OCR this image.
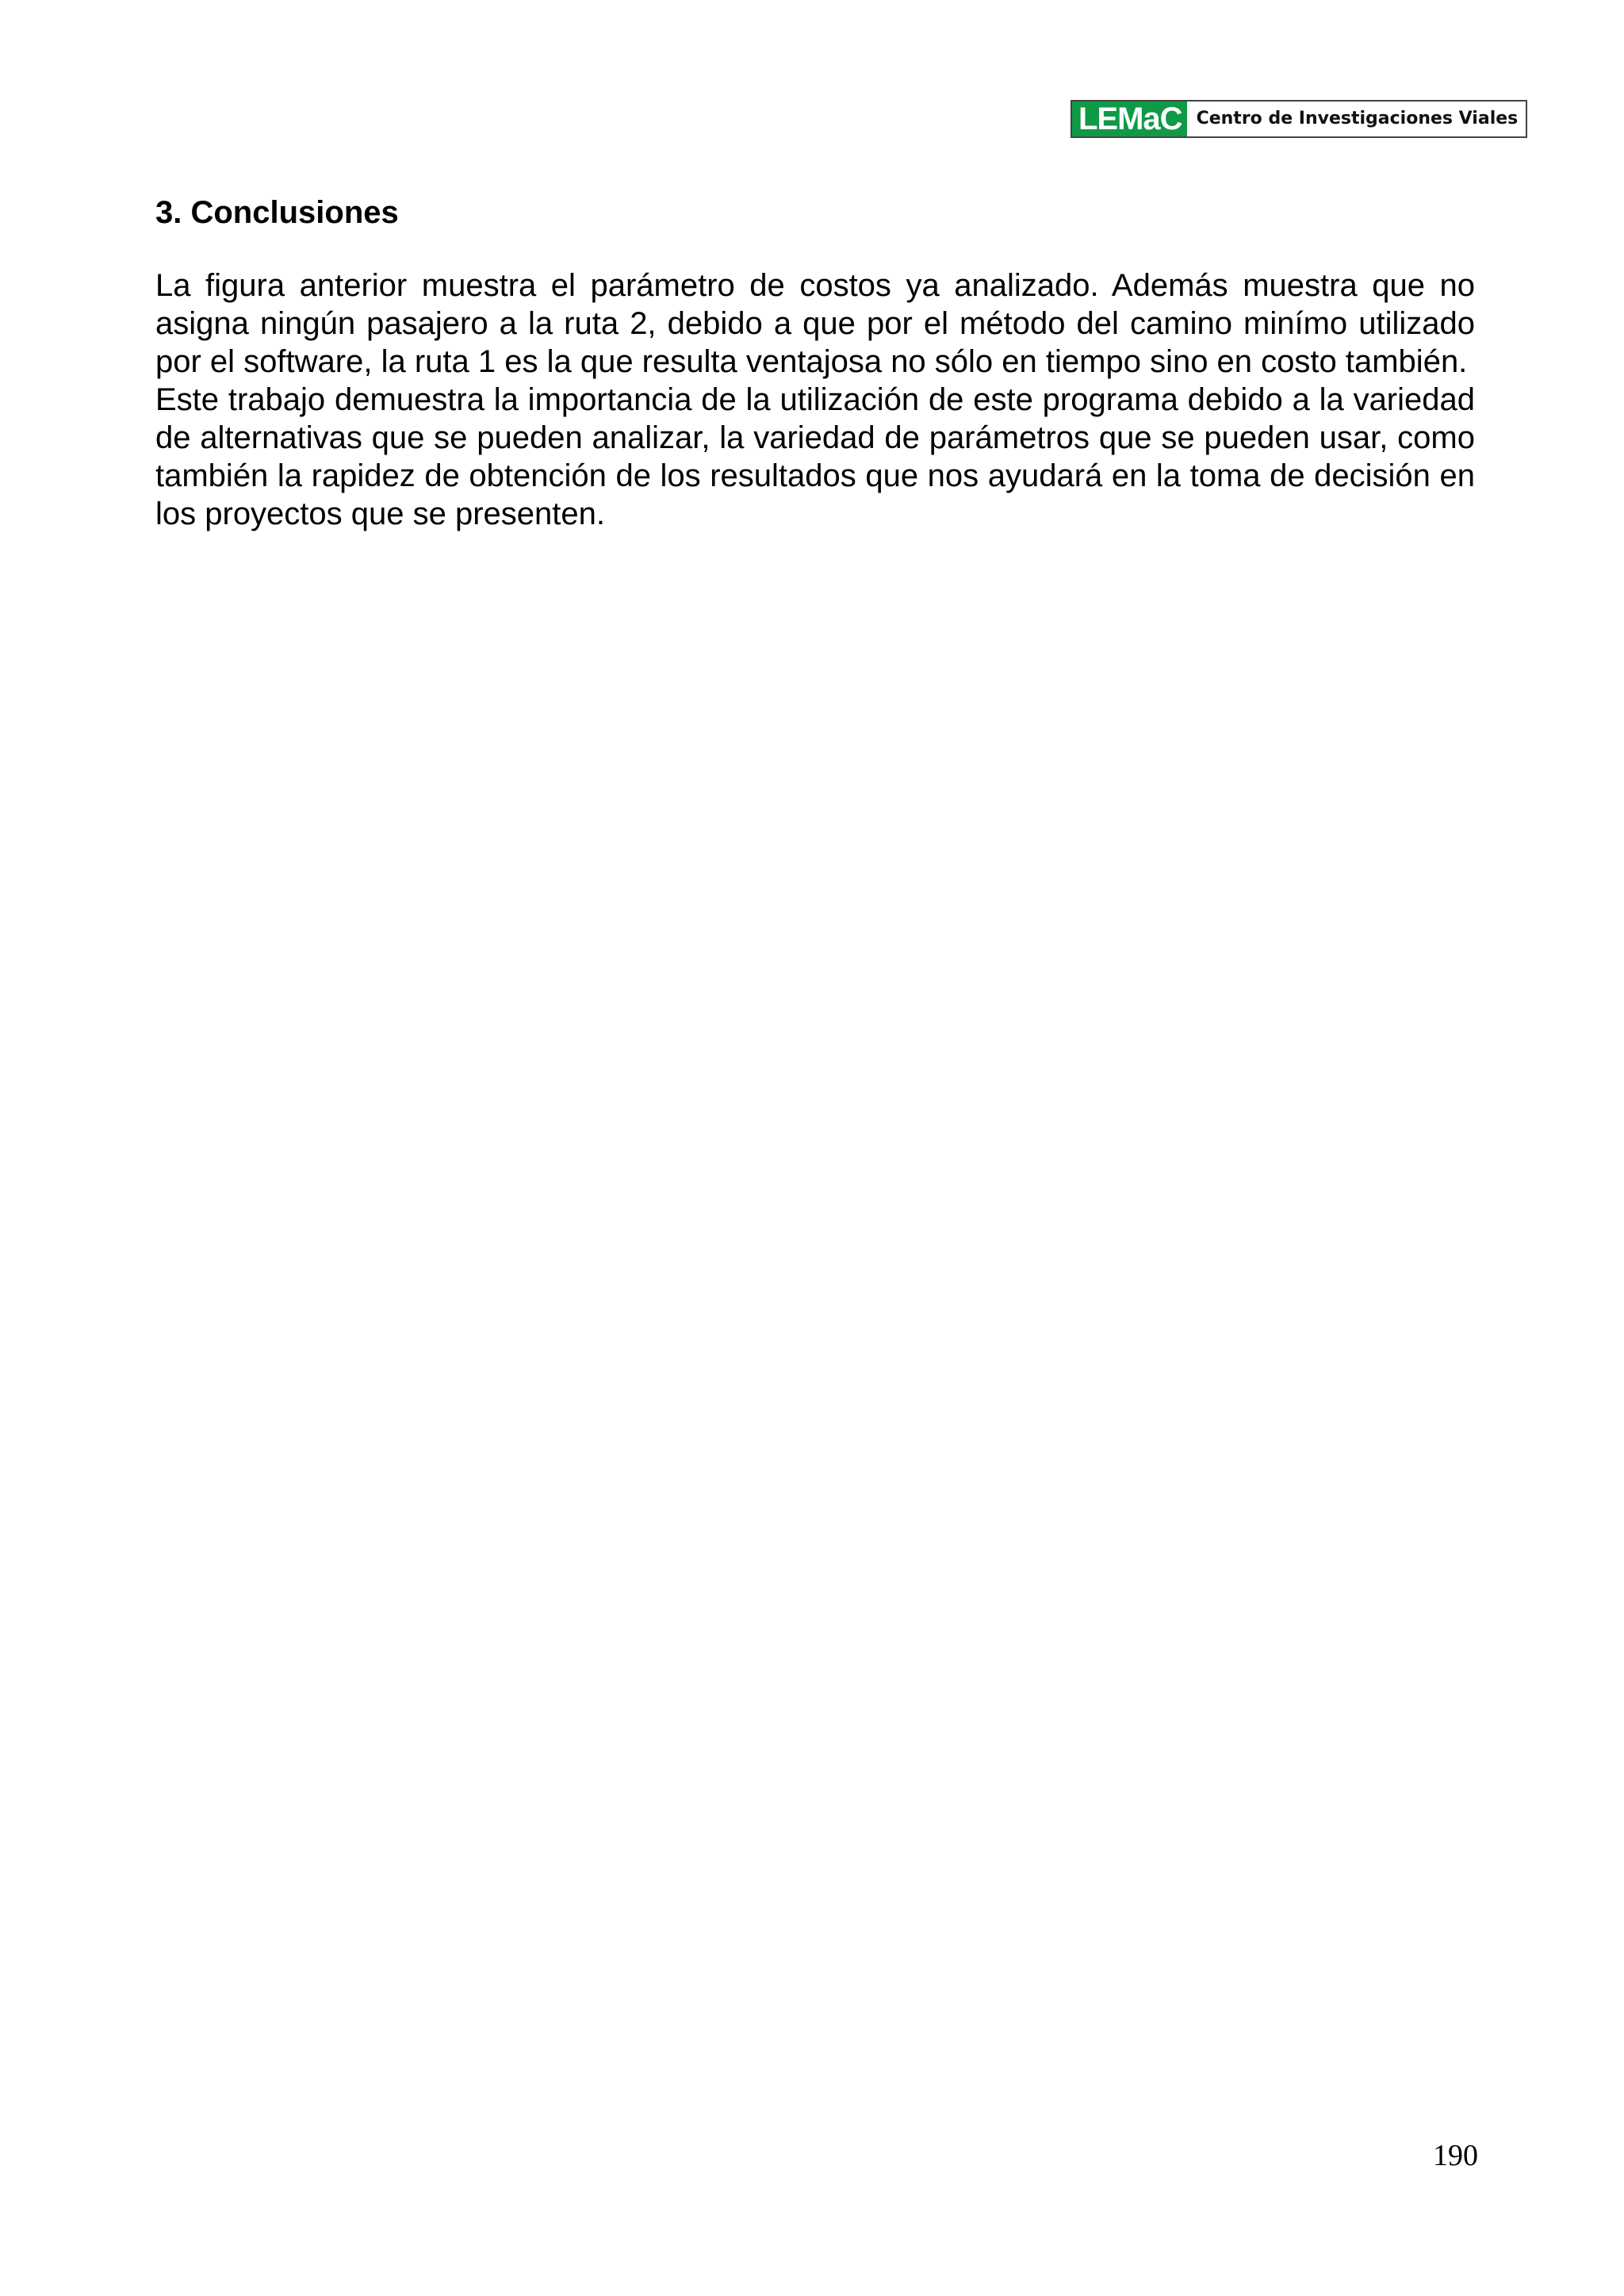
LEMaC Centro de Investigaciones Viales
3. Conclusiones

La figura anterior muestra el parámetro de costos ya analizado. Además muestra que no asigna ningún pasajero a la ruta 2, debido a que por el método del camino minímo utilizado por el software, la ruta 1 es la que resulta ventajosa no sólo en tiempo sino en costo también.

Este trabajo demuestra la importancia de la utilización de este programa debido a la variedad de alternativas que se pueden analizar, la variedad de parámetros que se pueden usar, como también la rapidez de obtención de los resultados que nos ayudará en la toma de decisión en los proyectos que se presenten.

190
